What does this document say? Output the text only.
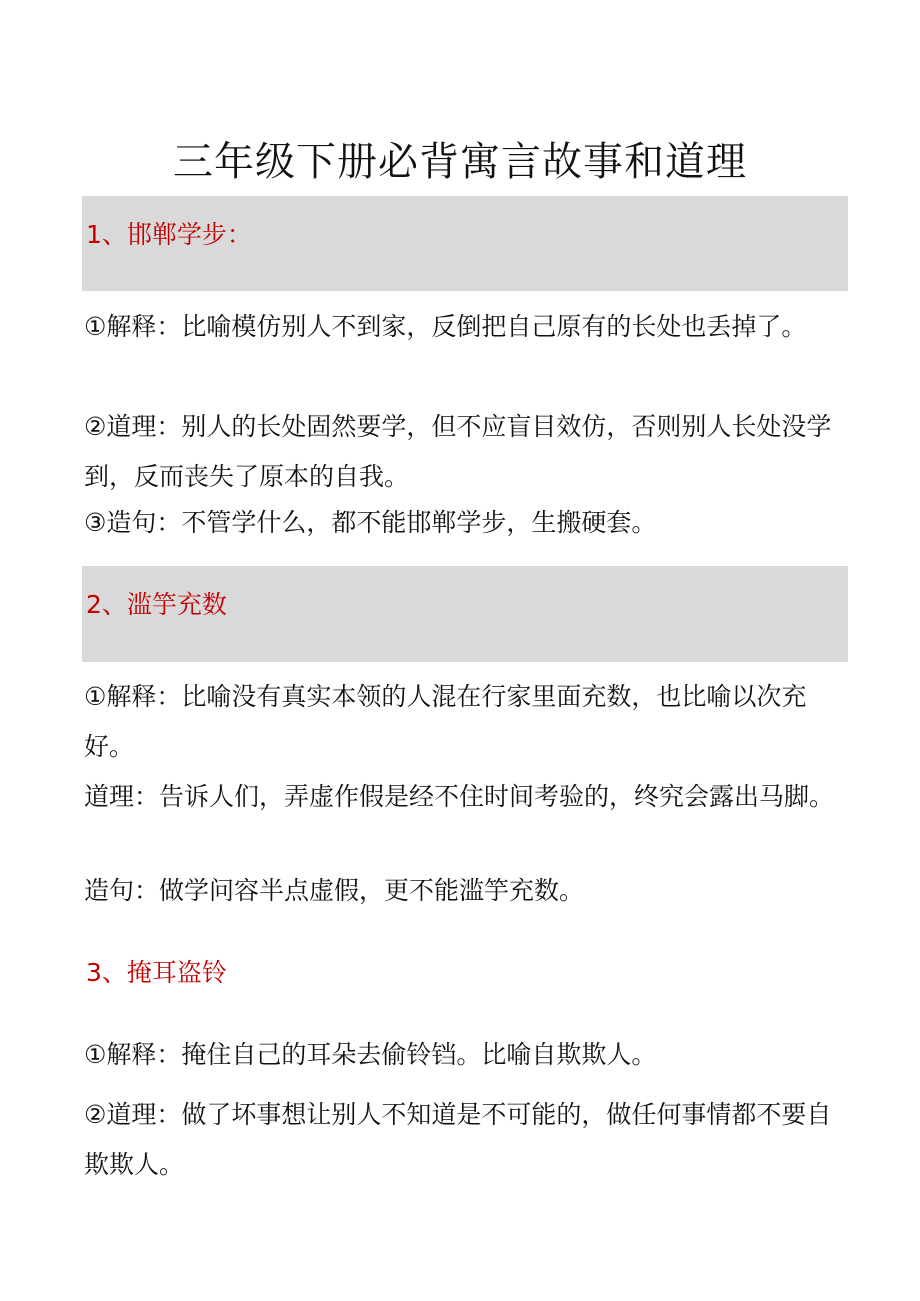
三年级下册必背寓言故事和道理
1、邯郸学步：

①解释：比喻模仿别人不到家，反倒把自己原有的长处也丢掉了。

②道理：别人的长处固然要学，但不应盲目效仿，否则别人长处没学到，反而丧失了原本的自我。

③造句：不管学什么，都不能邯郸学步，生搬硬套。

2、滥竽充数

①解释：比喻没有真实本领的人混在行家里面充数，也比喻以次充好。

道理：告诉人们，弄虚作假是经不住时间考验的，终究会露出马脚。

造句：做学问容半点虚假，更不能滥竽充数。

3、掩耳盗铃

①解释：掩住自己的耳朵去偷铃铛。比喻自欺欺人。

②道理：做了坏事想让别人不知道是不可能的，做任何事情都不要自欺欺人。
